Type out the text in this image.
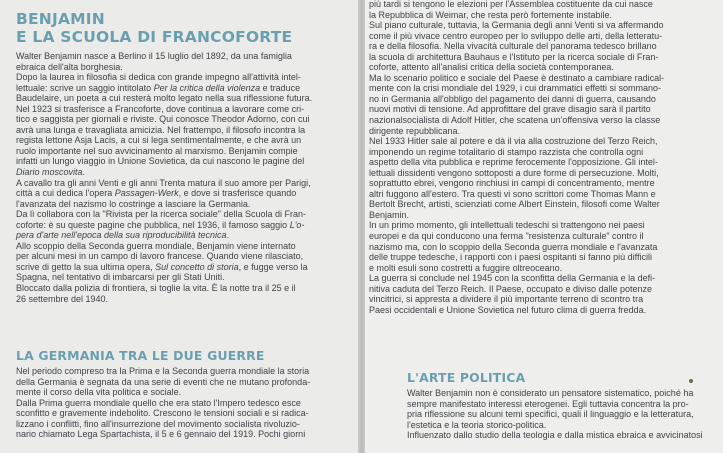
BENJAMIN
E LA SCUOLA DI FRANCOFORTE

Walter Benjamin nasce a Berlino il 15 luglio del 1892, da una famiglia

ebraica dell'alta borghesia.

Dopo la laurea in filosofia si dedica con grande impegno all'attività intel-

lettuale: scrive un saggio intitolato Per la critica della violenza e traduce

Baudelaire, un poeta a cui resterà molto legato nella sua riflessione futura.

Nel 1923 si trasferisce a Francoforte, dove continua a lavorare come cri-

tico e saggista per giornali e riviste. Qui conosce Theodor Adorno, con cui

avrà una lunga e travagliata amicizia. Nel frattempo, il filosofo incontra la

regista lettone Asja Lacis, a cui si lega sentimentalmente, e che avrà un

ruolo importante nel suo avvicinamento al marxismo. Benjamin compie

infatti un lungo viaggio in Unione Sovietica, da cui nascono le pagine del

Diario moscovita.

A cavallo tra gli anni Venti e gli anni Trenta matura il suo amore per Parigi,

città a cui dedica l'opera Passagen-Werk, e dove si trasferisce quando

l'avanzata del nazismo lo costringe a lasciare la Germania.

Da lì collabora con la "Rivista per la ricerca sociale" della Scuola di Fran-

coforte: è su queste pagine che pubblica, nel 1936, il famoso saggio L'o-

pera d'arte nell'epoca della sua riproducibilità tecnica.

Allo scoppio della Seconda guerra mondiale, Benjamin viene internato

per alcuni mesi in un campo di lavoro francese. Quando viene rilasciato,

scrive di getto la sua ultima opera, Sul concetto di storia, e fugge verso la

Spagna, nel tentativo di imbarcarsi per gli Stati Uniti.

Bloccato dalla polizia di frontiera, si toglie la vita. È la notte tra il 25 e il

26 settembre del 1940.

LA GERMANIA TRA LE DUE GUERRE

Nel periodo compreso tra la Prima e la Seconda guerra mondiale la storia

della Germania è segnata da una serie di eventi che ne mutano profonda-

mente il corso della vita politica e sociale.

Dalla Prima guerra mondiale quello che era stato l'Impero tedesco esce

sconfitto e gravemente indebolito. Crescono le tensioni sociali e si radica-

lizzano i conflitti, fino all'insurrezione del movimento socialista rivoluzio-

nario chiamato Lega Spartachista, il 5 e 6 gennaio del 1919. Pochi giorni

più tardi si tengono le elezioni per l'Assemblea costituente da cui nasce

la Repubblica di Weimar, che resta però fortemente instabile.

Sul piano culturale, tuttavia, la Germania degli anni Venti si va affermando

come il più vivace centro europeo per lo sviluppo delle arti, della letteratu-

ra e della filosofia. Nella vivacità culturale del panorama tedesco brillano

la scuola di architettura Bauhaus e l'Istituto per la ricerca sociale di Fran-

coforte, attento all'analisi critica della società contemporanea.

Ma lo scenario politico e sociale del Paese è destinato a cambiare radical-

mente con la crisi mondiale del 1929, i cui drammatici effetti si sommano-

no in Germania all'obbligo del pagamento dei danni di guerra, causando

nuovi motivi di tensione. Ad approfittare del grave disagio sarà il partito

nazionalsocialista di Adolf Hitler, che scatena un'offensiva verso la classe

dirigente repubblicana.

Nel 1933 Hitler sale al potere e dà il via alla costruzione del Terzo Reich,

imponendo un regime totalitario di stampo razzista che controlla ogni

aspetto della vita pubblica e reprime ferocemente l'opposizione. Gli intel-

lettuali dissidenti vengono sottoposti a dure forme di persecuzione. Molti,

soprattutto ebrei, vengono rinchiusi in campi di concentramento, mentre

altri fuggono all'estero. Tra questi vi sono scrittori come Thomas Mann e

Bertolt Brecht, artisti, scienziati come Albert Einstein, filosofi come Walter

Benjamin.

In un primo momento, gli intellettuali tedeschi si trattengono nei paesi

europei e da qui conducono una ferma "resistenza culturale" contro il

nazismo ma, con lo scoppio della Seconda guerra mondiale e l'avanzata

delle truppe tedesche, i rapporti con i paesi ospitanti si fanno più difficili

e molti esuli sono costretti a fuggire oltreoceano.

La guerra si conclude nel 1945 con la sconfitta della Germania e la defi-

nitiva caduta del Terzo Reich. Il Paese, occupato e diviso dalle potenze

vincitrici, si appresta a dividere il più importante terreno di scontro tra

Paesi occidentali e Unione Sovietica nel futuro clima di guerra fredda.

L'ARTE POLITICA

Walter Benjamin non è considerato un pensatore sistematico, poiché ha

sempre manifestato interessi eterogenei. Egli tuttavia concentra la pro-

pria riflessione su alcuni temi specifici, quali il linguaggio e la letteratura,

l'estetica e la teoria storico-politica.

Influenzato dallo studio della teologia e dalla mistica ebraica e avvicinatosi
